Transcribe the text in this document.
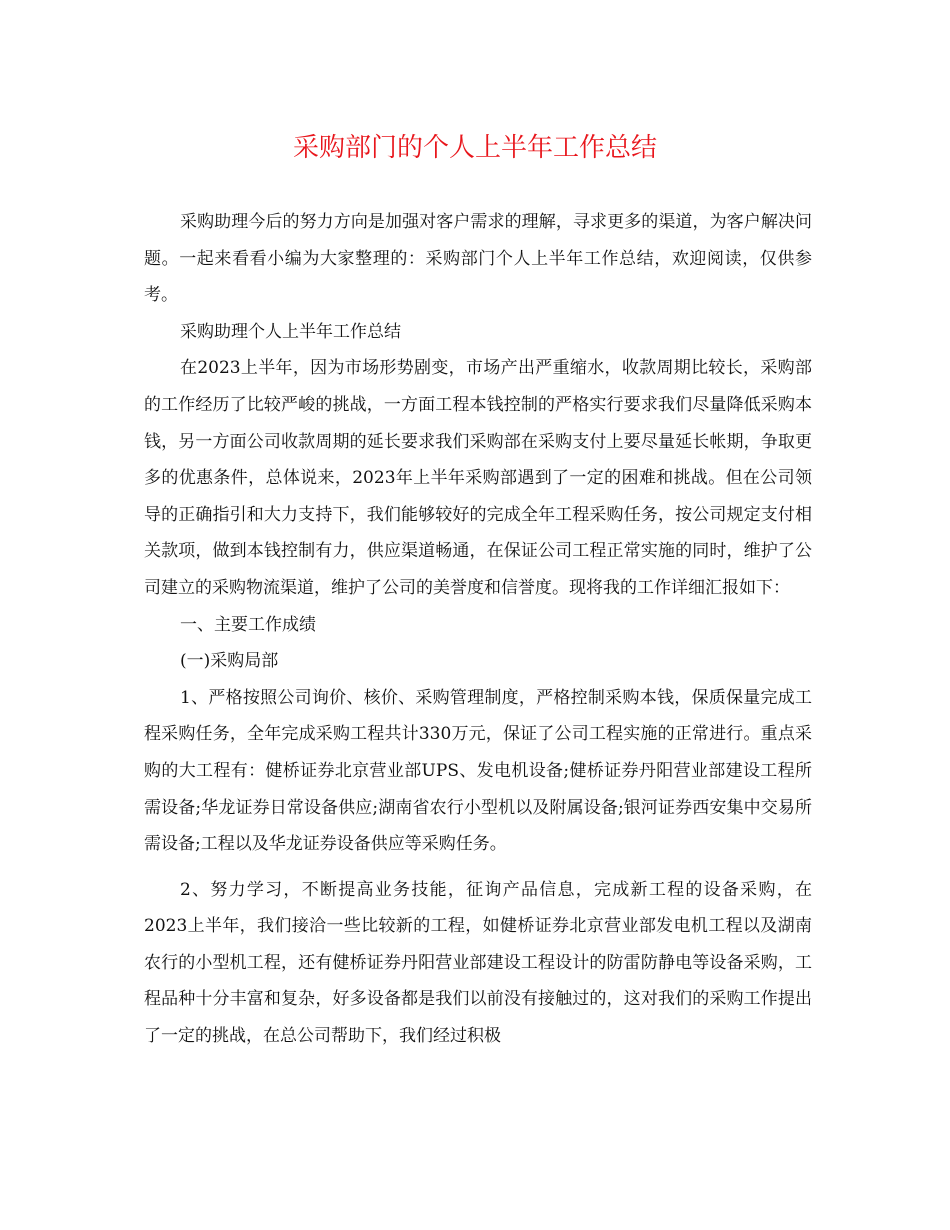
采购部门的个人上半年工作总结

采购助理今后的努力方向是加强对客户需求的理解，寻求更多的渠道，为客户解决问题。一起来看看小编为大家整理的：采购部门个人上半年工作总结，欢迎阅读，仅供参考。

采购助理个人上半年工作总结

在2023上半年，因为市场形势剧变，市场产出严重缩水，收款周期比较长，采购部的工作经历了比较严峻的挑战，一方面工程本钱控制的严格实行要求我们尽量降低采购本钱，另一方面公司收款周期的延长要求我们采购部在采购支付上要尽量延长帐期，争取更多的优惠条件，总体说来，2023年上半年采购部遇到了一定的困难和挑战。但在公司领导的正确指引和大力支持下，我们能够较好的完成全年工程采购任务，按公司规定支付相关款项，做到本钱控制有力，供应渠道畅通，在保证公司工程正常实施的同时，维护了公司建立的采购物流渠道，维护了公司的美誉度和信誉度。现将我的工作详细汇报如下：

一、主要工作成绩

(一)采购局部

1、严格按照公司询价、核价、采购管理制度，严格控制采购本钱，保质保量完成工程采购任务，全年完成采购工程共计330万元，保证了公司工程实施的正常进行。重点采购的大工程有：健桥证券北京营业部UPS、发电机设备;健桥证券丹阳营业部建设工程所需设备;华龙证券日常设备供应;湖南省农行小型机以及附属设备;银河证券西安集中交易所需设备;工程以及华龙证券设备供应等采购任务。

2、努力学习，不断提高业务技能，征询产品信息，完成新工程的设备采购，在2023上半年，我们接洽一些比较新的工程，如健桥证券北京营业部发电机工程以及湖南农行的小型机工程，还有健桥证券丹阳营业部建设工程设计的防雷防静电等设备采购，工程品种十分丰富和复杂，好多设备都是我们以前没有接触过的，这对我们的采购工作提出了一定的挑战，在总公司帮助下，我们经过积极
